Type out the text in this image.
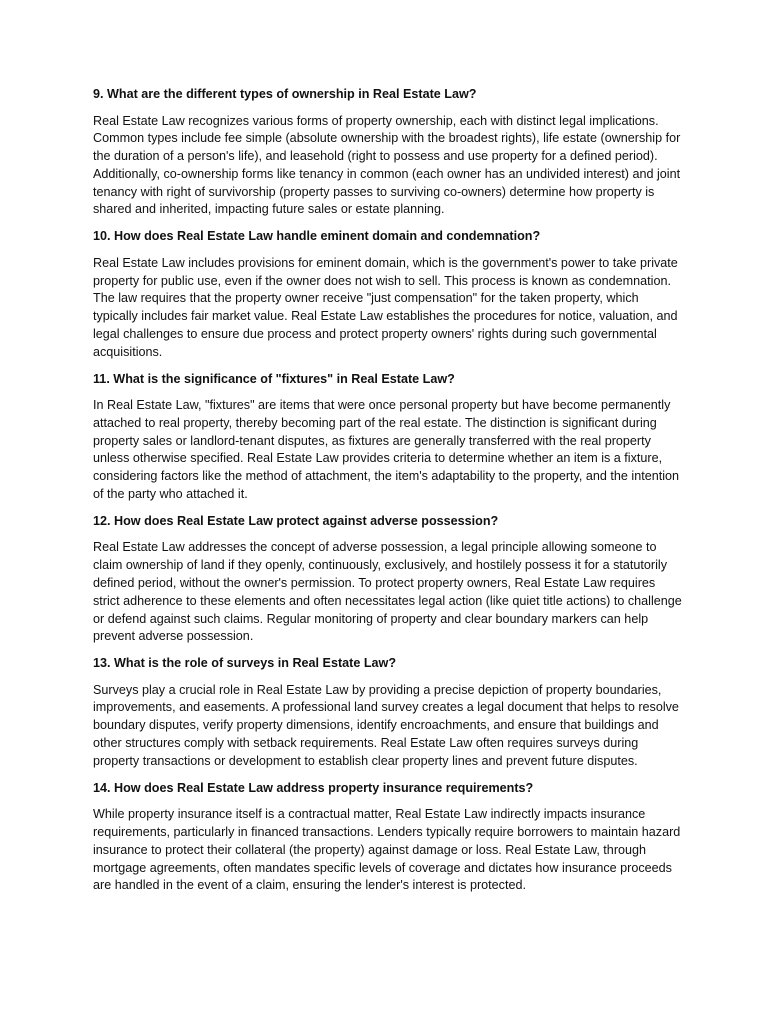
9. What are the different types of ownership in Real Estate Law?

Real Estate Law recognizes various forms of property ownership, each with distinct legal implications. Common types include fee simple (absolute ownership with the broadest rights), life estate (ownership for the duration of a person's life), and leasehold (right to possess and use property for a defined period). Additionally, co-ownership forms like tenancy in common (each owner has an undivided interest) and joint tenancy with right of survivorship (property passes to surviving co-owners) determine how property is shared and inherited, impacting future sales or estate planning.

10. How does Real Estate Law handle eminent domain and condemnation?

Real Estate Law includes provisions for eminent domain, which is the government's power to take private property for public use, even if the owner does not wish to sell. This process is known as condemnation. The law requires that the property owner receive "just compensation" for the taken property, which typically includes fair market value. Real Estate Law establishes the procedures for notice, valuation, and legal challenges to ensure due process and protect property owners' rights during such governmental acquisitions.

11. What is the significance of "fixtures" in Real Estate Law?

In Real Estate Law, "fixtures" are items that were once personal property but have become permanently attached to real property, thereby becoming part of the real estate. The distinction is significant during property sales or landlord-tenant disputes, as fixtures are generally transferred with the real property unless otherwise specified. Real Estate Law provides criteria to determine whether an item is a fixture, considering factors like the method of attachment, the item's adaptability to the property, and the intention of the party who attached it.

12. How does Real Estate Law protect against adverse possession?

Real Estate Law addresses the concept of adverse possession, a legal principle allowing someone to claim ownership of land if they openly, continuously, exclusively, and hostilely possess it for a statutorily defined period, without the owner's permission. To protect property owners, Real Estate Law requires strict adherence to these elements and often necessitates legal action (like quiet title actions) to challenge or defend against such claims. Regular monitoring of property and clear boundary markers can help prevent adverse possession.

13. What is the role of surveys in Real Estate Law?

Surveys play a crucial role in Real Estate Law by providing a precise depiction of property boundaries, improvements, and easements. A professional land survey creates a legal document that helps to resolve boundary disputes, verify property dimensions, identify encroachments, and ensure that buildings and other structures comply with setback requirements. Real Estate Law often requires surveys during property transactions or development to establish clear property lines and prevent future disputes.

14. How does Real Estate Law address property insurance requirements?

While property insurance itself is a contractual matter, Real Estate Law indirectly impacts insurance requirements, particularly in financed transactions. Lenders typically require borrowers to maintain hazard insurance to protect their collateral (the property) against damage or loss. Real Estate Law, through mortgage agreements, often mandates specific levels of coverage and dictates how insurance proceeds are handled in the event of a claim, ensuring the lender's interest is protected.
